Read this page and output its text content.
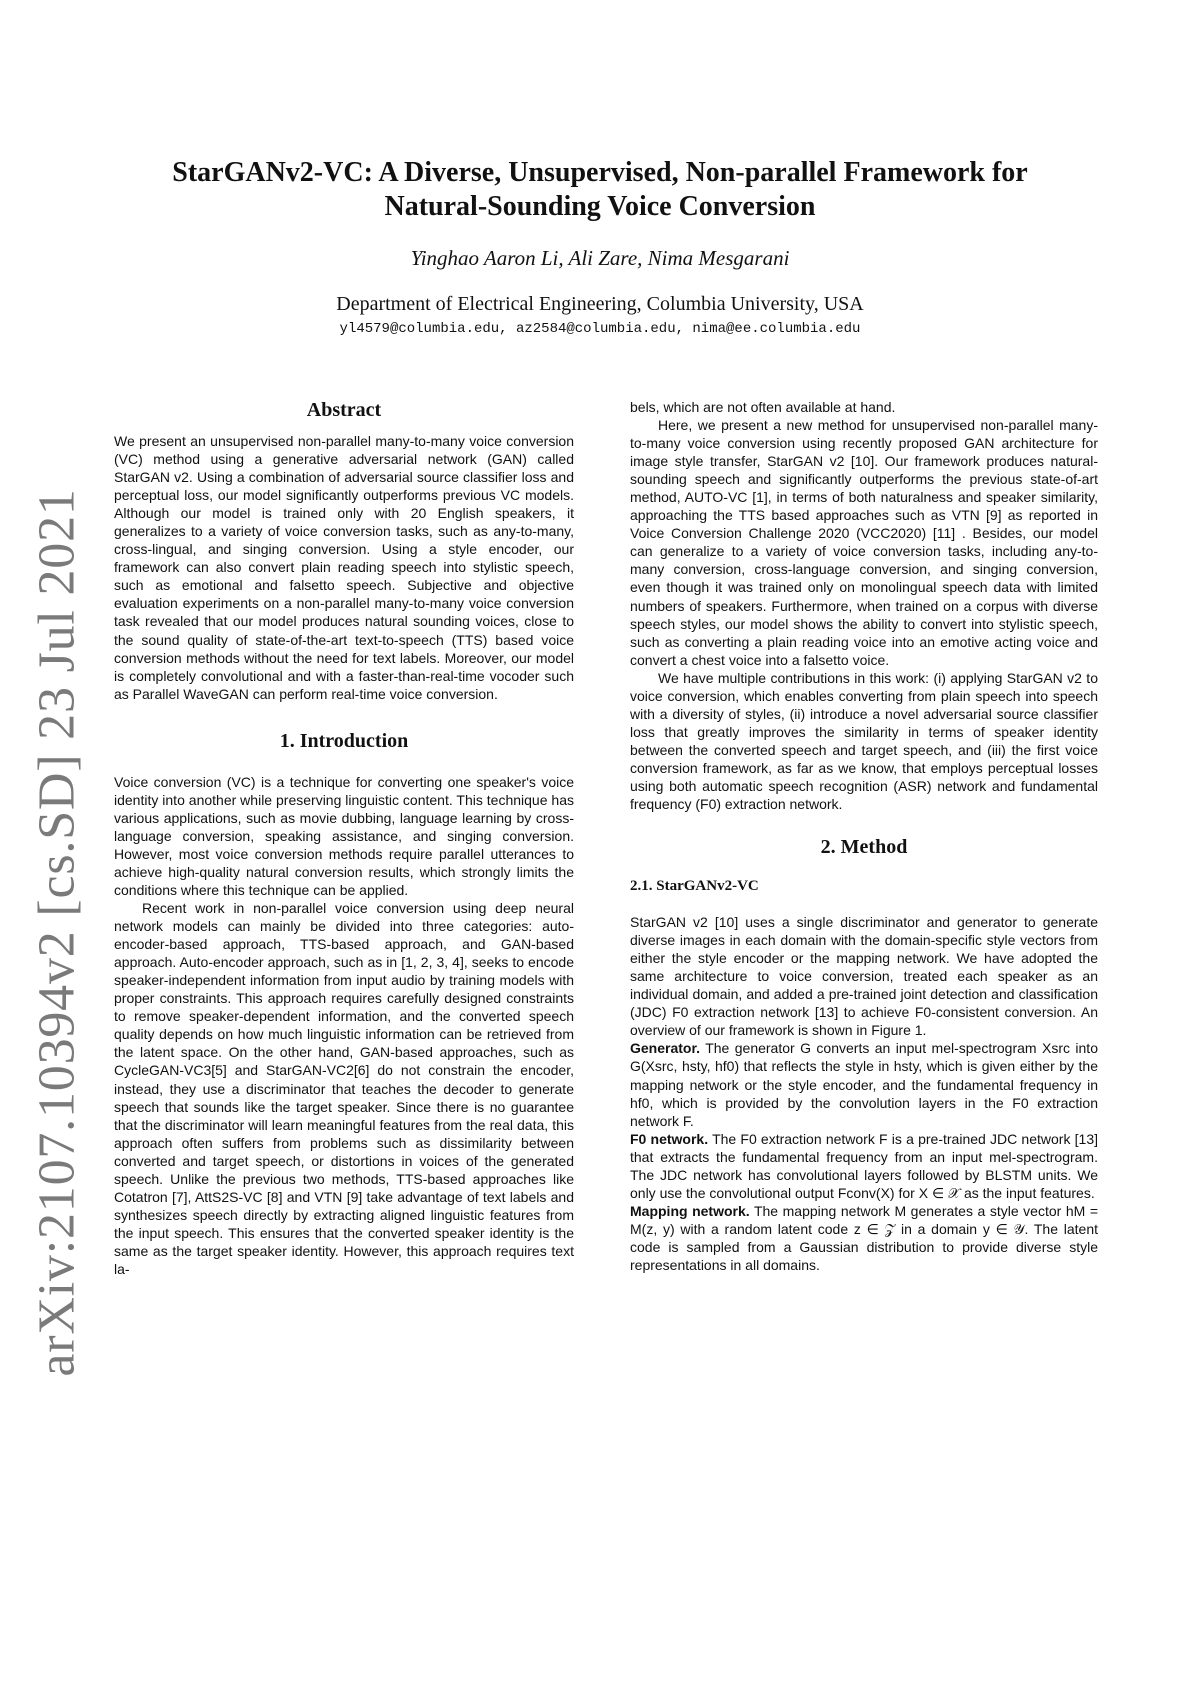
arXiv:2107.10394v2 [cs.SD] 23 Jul 2021
StarGANv2-VC: A Diverse, Unsupervised, Non-parallel Framework for Natural-Sounding Voice Conversion
Yinghao Aaron Li, Ali Zare, Nima Mesgarani
Department of Electrical Engineering, Columbia University, USA
yl4579@columbia.edu, az2584@columbia.edu, nima@ee.columbia.edu
Abstract

We present an unsupervised non-parallel many-to-many voice conversion (VC) method using a generative adversarial network (GAN) called StarGAN v2. Using a combination of adversarial source classifier loss and perceptual loss, our model significantly outperforms previous VC models. Although our model is trained only with 20 English speakers, it generalizes to a variety of voice conversion tasks, such as any-to-many, cross-lingual, and singing conversion. Using a style encoder, our framework can also convert plain reading speech into stylistic speech, such as emotional and falsetto speech. Subjective and objective evaluation experiments on a non-parallel many-to-many voice conversion task revealed that our model produces natural sounding voices, close to the sound quality of state-of-the-art text-to-speech (TTS) based voice conversion methods without the need for text labels. Moreover, our model is completely convolutional and with a faster-than-real-time vocoder such as Parallel WaveGAN can perform real-time voice conversion.

1. Introduction

Voice conversion (VC) is a technique for converting one speaker's voice identity into another while preserving linguistic content. This technique has various applications, such as movie dubbing, language learning by cross-language conversion, speaking assistance, and singing conversion. However, most voice conversion methods require parallel utterances to achieve high-quality natural conversion results, which strongly limits the conditions where this technique can be applied.

Recent work in non-parallel voice conversion using deep neural network models can mainly be divided into three categories: auto-encoder-based approach, TTS-based approach, and GAN-based approach. Auto-encoder approach, such as in [1, 2, 3, 4], seeks to encode speaker-independent information from input audio by training models with proper constraints. This approach requires carefully designed constraints to remove speaker-dependent information, and the converted speech quality depends on how much linguistic information can be retrieved from the latent space. On the other hand, GAN-based approaches, such as CycleGAN-VC3[5] and StarGAN-VC2[6] do not constrain the encoder, instead, they use a discriminator that teaches the decoder to generate speech that sounds like the target speaker. Since there is no guarantee that the discriminator will learn meaningful features from the real data, this approach often suffers from problems such as dissimilarity between converted and target speech, or distortions in voices of the generated speech. Unlike the previous two methods, TTS-based approaches like Cotatron [7], AttS2S-VC [8] and VTN [9] take advantage of text labels and synthesizes speech directly by extracting aligned linguistic features from the input speech. This ensures that the converted speaker identity is the same as the target speaker identity. However, this approach requires text la-

bels, which are not often available at hand.

Here, we present a new method for unsupervised non-parallel many-to-many voice conversion using recently proposed GAN architecture for image style transfer, StarGAN v2 [10]. Our framework produces natural-sounding speech and significantly outperforms the previous state-of-art method, AUTO-VC [1], in terms of both naturalness and speaker similarity, approaching the TTS based approaches such as VTN [9] as reported in Voice Conversion Challenge 2020 (VCC2020) [11] . Besides, our model can generalize to a variety of voice conversion tasks, including any-to-many conversion, cross-language conversion, and singing conversion, even though it was trained only on monolingual speech data with limited numbers of speakers. Furthermore, when trained on a corpus with diverse speech styles, our model shows the ability to convert into stylistic speech, such as converting a plain reading voice into an emotive acting voice and convert a chest voice into a falsetto voice.

We have multiple contributions in this work: (i) applying StarGAN v2 to voice conversion, which enables converting from plain speech into speech with a diversity of styles, (ii) introduce a novel adversarial source classifier loss that greatly improves the similarity in terms of speaker identity between the converted speech and target speech, and (iii) the first voice conversion framework, as far as we know, that employs perceptual losses using both automatic speech recognition (ASR) network and fundamental frequency (F0) extraction network.

2. Method
2.1. StarGANv2-VC

StarGAN v2 [10] uses a single discriminator and generator to generate diverse images in each domain with the domain-specific style vectors from either the style encoder or the mapping network. We have adopted the same architecture to voice conversion, treated each speaker as an individual domain, and added a pre-trained joint detection and classification (JDC) F0 extraction network [13] to achieve F0-consistent conversion. An overview of our framework is shown in Figure 1.

Generator. The generator G converts an input mel-spectrogram Xsrc into G(Xsrc, hsty, hf0) that reflects the style in hsty, which is given either by the mapping network or the style encoder, and the fundamental frequency in hf0, which is provided by the convolution layers in the F0 extraction network F.

F0 network. The F0 extraction network F is a pre-trained JDC network [13] that extracts the fundamental frequency from an input mel-spectrogram. The JDC network has convolutional layers followed by BLSTM units. We only use the convolutional output Fconv(X) for X ∈ 𝒳 as the input features.

Mapping network. The mapping network M generates a style vector hM = M(z, y) with a random latent code z ∈ 𝒵 in a domain y ∈ 𝒴. The latent code is sampled from a Gaussian distribution to provide diverse style representations in all domains.
